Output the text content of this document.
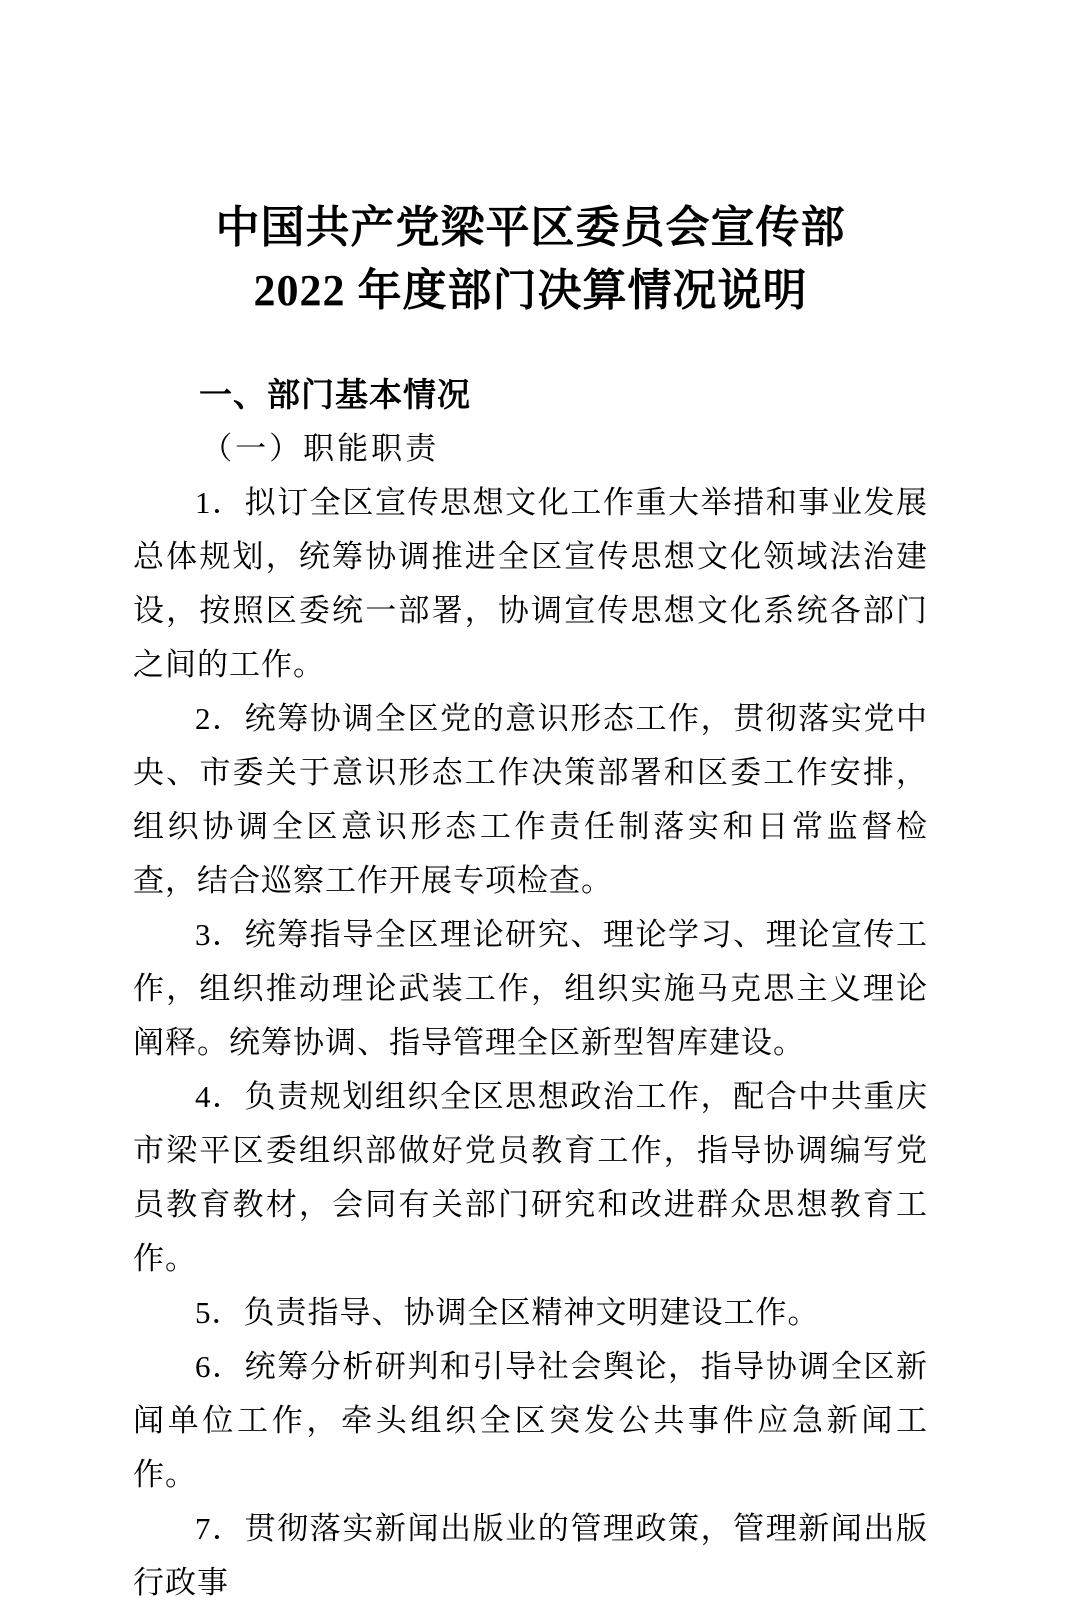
中国共产党梁平区委员会宣传部
2022 年度部门决算情况说明
一、部门基本情况
（一）职能职责

1．拟订全区宣传思想文化工作重大举措和事业发展总体规划，统筹协调推进全区宣传思想文化领域法治建设，按照区委统一部署，协调宣传思想文化系统各部门之间的工作。

2．统筹协调全区党的意识形态工作，贯彻落实党中央、市委关于意识形态工作决策部署和区委工作安排，组织协调全区意识形态工作责任制落实和日常监督检查，结合巡察工作开展专项检查。

3．统筹指导全区理论研究、理论学习、理论宣传工作，组织推动理论武装工作，组织实施马克思主义理论阐释。统筹协调、指导管理全区新型智库建设。

4．负责规划组织全区思想政治工作，配合中共重庆市梁平区委组织部做好党员教育工作，指导协调编写党员教育教材，会同有关部门研究和改进群众思想教育工作。

5．负责指导、协调全区精神文明建设工作。

6．统筹分析研判和引导社会舆论，指导协调全区新闻单位工作，牵头组织全区突发公共事件应急新闻工作。

7．贯彻落实新闻出版业的管理政策，管理新闻出版行政事
